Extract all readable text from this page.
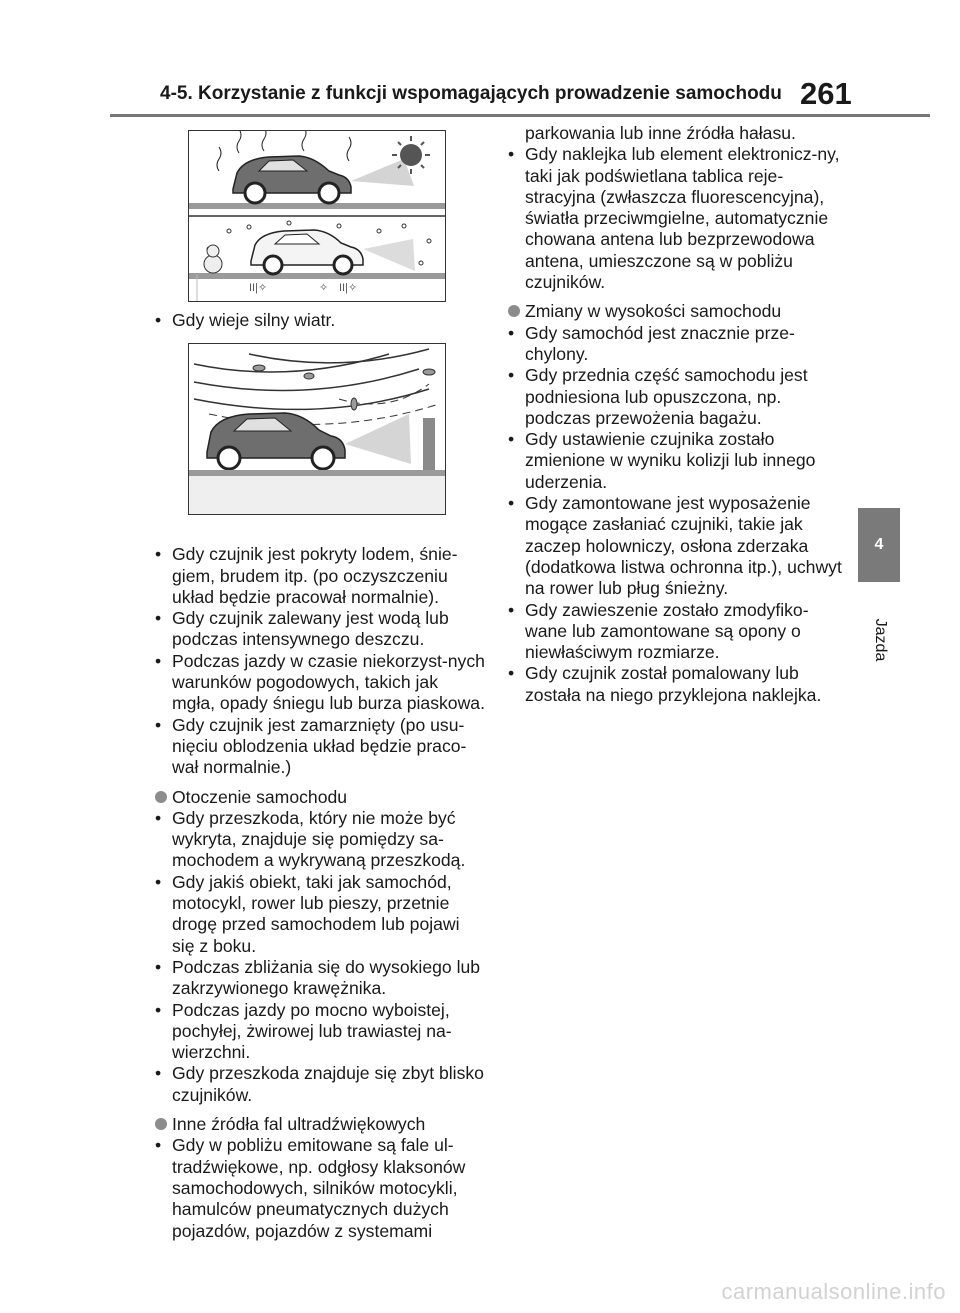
4-5. Korzystanie z funkcji wspomagających prowadzenie samochodu 261
4
Jazda
II|✧	✧ II|✧

• Gdy wieje silny wiatr.

• Gdy czujnik jest pokryty lodem, śnie-giem, brudem itp. (po oczyszczeniu układ będzie pracował normalnie).

• Gdy czujnik zalewany jest wodą lub podczas intensywnego deszczu.

• Podczas jazdy w czasie niekorzyst-nych warunków pogodowych, takich jak mgła, opady śniegu lub burza piaskowa.

• Gdy czujnik jest zamarznięty (po usu-nięciu oblodzenia układ będzie praco-wał normalnie.)

Otoczenie samochodu

• Gdy przeszkoda, który nie może być wykryta, znajduje się pomiędzy sa-mochodem a wykrywaną przeszkodą.

• Gdy jakiś obiekt, taki jak samochód, motocykl, rower lub pieszy, przetnie drogę przed samochodem lub pojawi się z boku.

• Podczas zbliżania się do wysokiego lub zakrzywionego krawężnika.

• Podczas jazdy po mocno wyboistej, pochyłej, żwirowej lub trawiastej na-wierzchni.

• Gdy przeszkoda znajduje się zbyt blisko czujników.

Inne źródła fal ultradźwiękowych

• Gdy w pobliżu emitowane są fale ul-tradźwiękowe, np. odgłosy klaksonów samochodowych, silników motocykli, hamulców pneumatycznych dużych pojazdów, pojazdów z systemami

parkowania lub inne źródła hałasu.

• Gdy naklejka lub element elektronicz-ny, taki jak podświetlana tablica reje-stracyjna (zwłaszcza fluorescencyjna), światła przeciwmgielne, automatycznie chowana antena lub bezprzewodowa antena, umieszczone są w pobliżu czujników.

Zmiany w wysokości samochodu

• Gdy samochód jest znacznie prze-chylony.

• Gdy przednia część samochodu jest podniesiona lub opuszczona, np. podczas przewożenia bagażu.

• Gdy ustawienie czujnika zostało zmienione w wyniku kolizji lub innego uderzenia.

• Gdy zamontowane jest wyposażenie mogące zasłaniać czujniki, takie jak zaczep holowniczy, osłona zderzaka (dodatkowa listwa ochronna itp.), uchwyt na rower lub pług śnieżny.

• Gdy zawieszenie zostało zmodyfiko-wane lub zamontowane są opony o niewłaściwym rozmiarze.

• Gdy czujnik został pomalowany lub została na niego przyklejona naklejka.

carmanualsonline.info
